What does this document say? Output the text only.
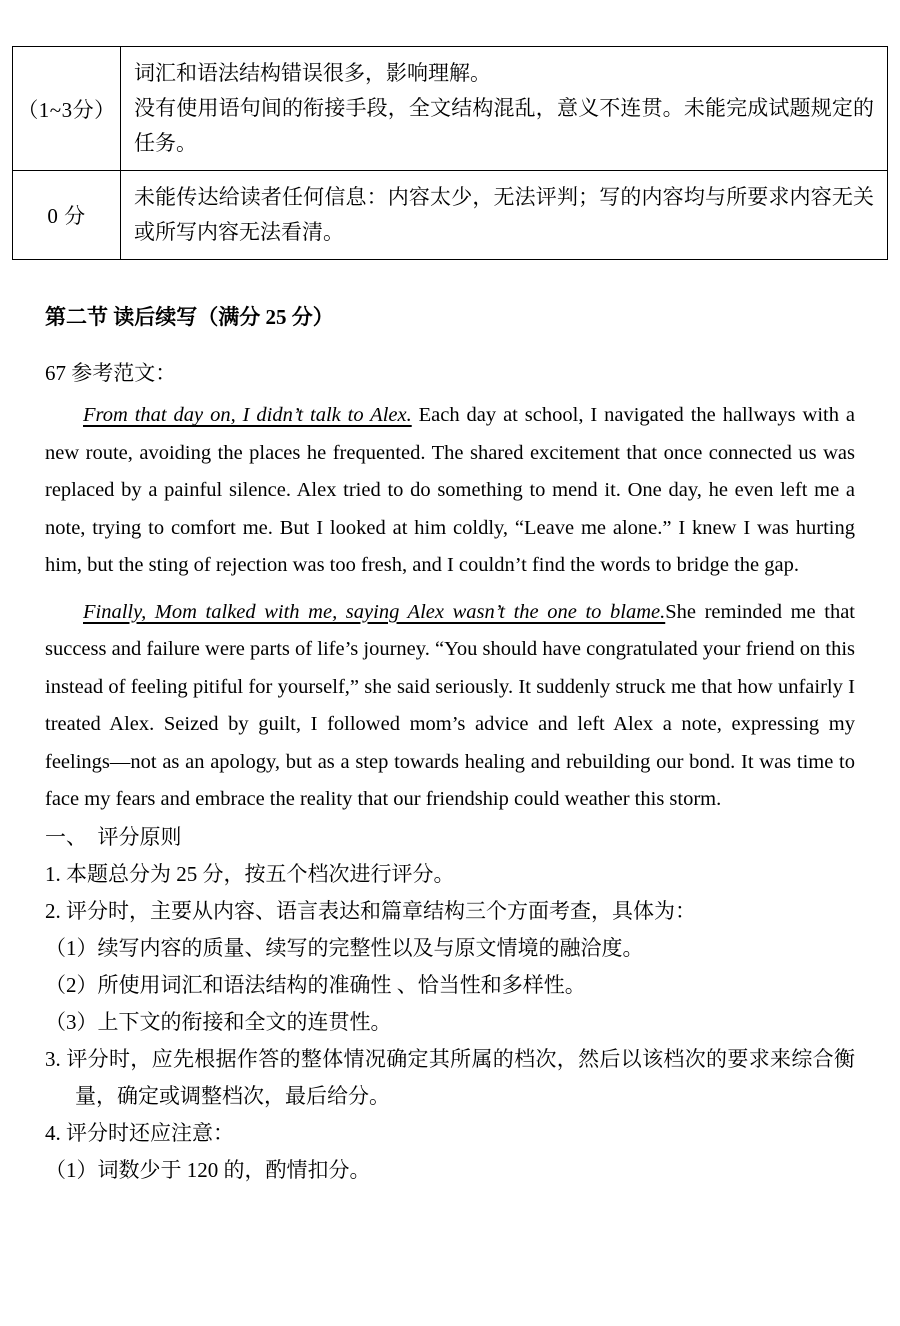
（1~3分）	词汇和语法结构错误很多，影响理解。
没有使用语句间的衔接手段，全文结构混乱，意义不连贯。未能完成试题规定的任务。

0 分	未能传达给读者任何信息：内容太少，无法评判；写的内容均与所要求内容无关或所写内容无法看清。
第二节 读后续写（满分 25 分）
67 参考范文：

From that day on, I didn’t talk to Alex. Each day at school, I navigated the hallways with a new route, avoiding the places he frequented. The shared excitement that once connected us was replaced by a painful silence. Alex tried to do something to mend it. One day, he even left me a note, trying to comfort me. But I looked at him coldly, “Leave me alone.” I knew I was hurting him, but the sting of rejection was too fresh, and I couldn’t find the words to bridge the gap.

Finally, Mom talked with me, saying Alex wasn’t the one to blame.She reminded me that success and failure were parts of life’s journey. “You should have congratulated your friend on this instead of feeling pitiful for yourself,” she said seriously. It suddenly struck me that how unfairly I treated Alex. Seized by guilt, I followed mom’s advice and left Alex a note, expressing my feelings—not as an apology, but as a step towards healing and rebuilding our bond. It was time to face my fears and embrace the reality that our friendship could weather this storm.

一、　评分原则
1. 本题总分为 25 分，按五个档次进行评分。
2. 评分时，主要从内容、语言表达和篇章结构三个方面考查，具体为：
（1）续写内容的质量、续写的完整性以及与原文情境的融洽度。
（2）所使用词汇和语法结构的准确性 、恰当性和多样性。
（3）上下文的衔接和全文的连贯性。
3. 评分时，应先根据作答的整体情况确定其所属的档次，然后以该档次的要求来综合衡量，确定或调整档次，最后给分。
4. 评分时还应注意：
（1）词数少于 120 的，酌情扣分。
